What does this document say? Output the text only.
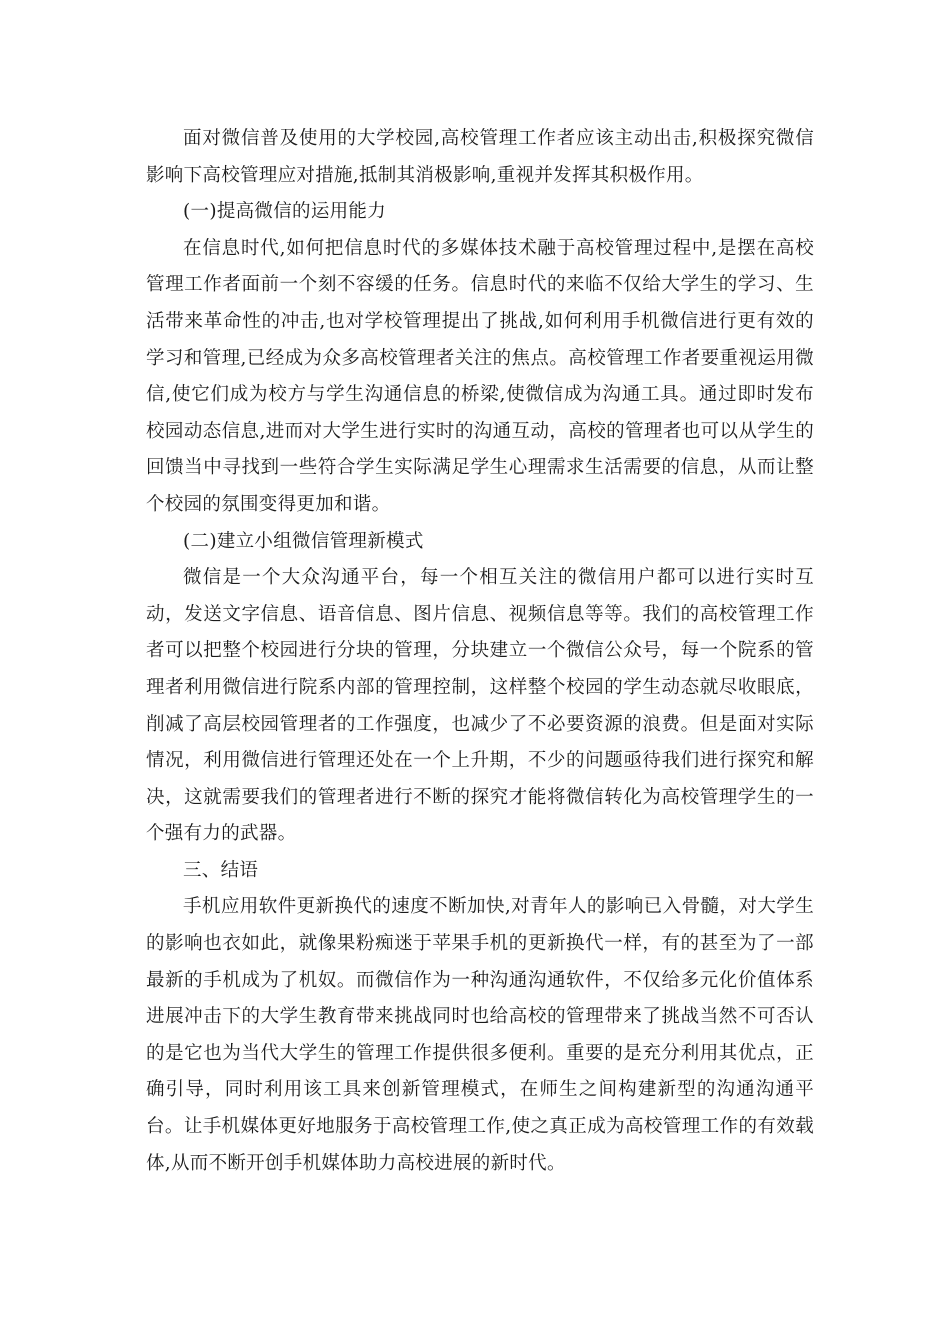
面对微信普及使用的大学校园,高校管理工作者应该主动出击,积极探究微信影响下高校管理应对措施,抵制其消极影响,重视并发挥其积极作用。

(一)提高微信的运用能力

在信息时代,如何把信息时代的多媒体技术融于高校管理过程中,是摆在高校管理工作者面前一个刻不容缓的任务。信息时代的来临不仅给大学生的学习、生活带来革命性的冲击,也对学校管理提出了挑战,如何利用手机微信进行更有效的学习和管理,已经成为众多高校管理者关注的焦点。高校管理工作者要重视运用微信,使它们成为校方与学生沟通信息的桥梁,使微信成为沟通工具。通过即时发布校园动态信息,进而对大学生进行实时的沟通互动，高校的管理者也可以从学生的回馈当中寻找到一些符合学生实际满足学生心理需求生活需要的信息，从而让整个校园的氛围变得更加和谐。

(二)建立小组微信管理新模式

微信是一个大众沟通平台，每一个相互关注的微信用户都可以进行实时互动，发送文字信息、语音信息、图片信息、视频信息等等。我们的高校管理工作者可以把整个校园进行分块的管理，分块建立一个微信公众号，每一个院系的管理者利用微信进行院系内部的管理控制，这样整个校园的学生动态就尽收眼底，削减了高层校园管理者的工作强度，也减少了不必要资源的浪费。但是面对实际情况，利用微信进行管理还处在一个上升期，不少的问题亟待我们进行探究和解决，这就需要我们的管理者进行不断的探究才能将微信转化为高校管理学生的一个强有力的武器。

三、结语

手机应用软件更新换代的速度不断加快,对青年人的影响已入骨髓，对大学生的影响也衣如此，就像果粉痴迷于苹果手机的更新换代一样，有的甚至为了一部最新的手机成为了机奴。而微信作为一种沟通沟通软件，不仅给多元化价值体系进展冲击下的大学生教育带来挑战同时也给高校的管理带来了挑战当然不可否认的是它也为当代大学生的管理工作提供很多便利。重要的是充分利用其优点，正确引导，同时利用该工具来创新管理模式，在师生之间构建新型的沟通沟通平台。让手机媒体更好地服务于高校管理工作,使之真正成为高校管理工作的有效载体,从而不断开创手机媒体助力高校进展的新时代。
